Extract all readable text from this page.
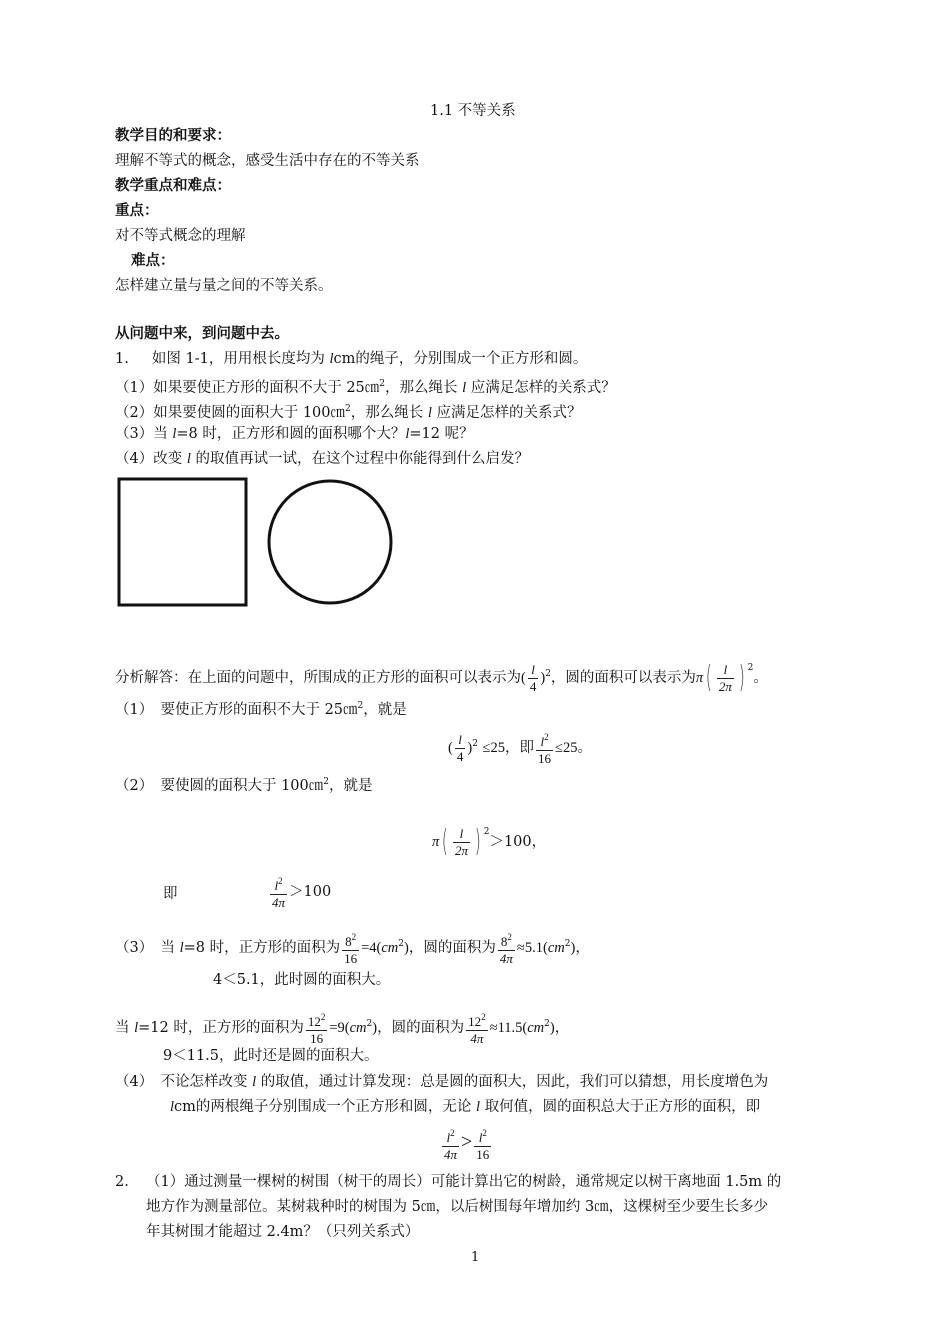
1.1 不等关系
教学目的和要求：
理解不等式的概念，感受生活中存在的不等关系
教学重点和难点：
重点：
对不等式概念的理解
难点：
怎样建立量与量之间的不等关系。
从问题中来，到问题中去。
1. 如图 1-1，用用根长度均为 lcm的绳子，分别围成一个正方形和圆。
（1）如果要使正方形的面积不大于 25㎝$^2$，那么绳长 l 应满足怎样的关系式？
（2）如果要使圆的面积大于 100㎝$^2$，那么绳长 l 应满足怎样的关系式？
（3）当 l=8 时，正方形和圆的面积哪个大？l=12 呢？
（4）改变 l 的取值再试一试，在这个过程中你能得到什么启发？
分析解答：在上面的问题中，所围成的正方形的面积可以表示为( $\frac{l}{4} )^2$，圆的面积可以表示为$\pi( \frac{l}{2\pi}$ ) $^2$。
（1）　要使正方形的面积不大于 25㎝$^2$，就是
( $\frac{l}{4} )^2 \le 25$，即 $\frac{l^2}{16} \le 25$。
（2）　要使圆的面积大于 100㎝$^2$，就是
$\pi( \frac{l}{2\pi}$ ) $^2$＞100，
即	$\frac{l^2}{4\pi} >100$
（3）　当 l=8 时，正方形的面积为 $\frac{8^2}{16} =4(cm^2)$，圆的面积为 $\frac{8^2}{4\pi} \approx 5.1(cm^2)$，
4＜5.1，此时圆的面积大。
当 l=12 时，正方形的面积为 $\frac{12^2}{16} =9(cm^2)$，圆的面积为 $\frac{12^2}{4\pi} \approx 11.5(cm^2)$，
9＜11.5，此时还是圆的面积大。
（4）　不论怎样改变 l 的取值，通过计算发现：总是圆的面积大，因此，我们可以猜想，用长度增色为
lcm的两根绳子分别围成一个正方形和圆，无论 l 取何值，圆的面积总大于正方形的面积，即
$\frac{l^2}{4\pi} > \frac{l^2}{16}$
2. （1）通过测量一棵树的树围（树干的周长）可能计算出它的树龄，通常规定以树干离地面 1.5m 的
地方作为测量部位。某树栽种时的树围为 5㎝，以后树围每年增加约 3㎝，这棵树至少要生长多少
年其树围才能超过 2.4m？（只列关系式）
1
